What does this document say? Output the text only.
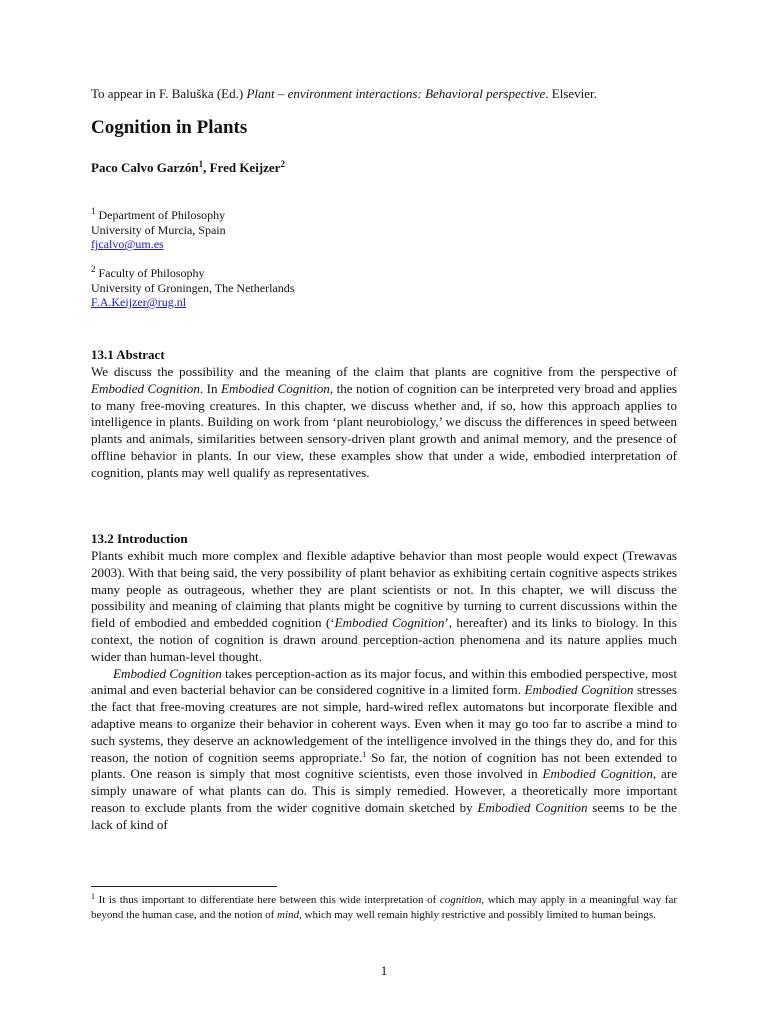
To appear in F. Baluška (Ed.) Plant – environment interactions: Behavioral perspective. Elsevier.
Cognition in Plants
Paco Calvo Garzón$^1$, Fred Keijzer$^2$
$^1$ Department of Philosophy
University of Murcia, Spain
fjcalvo@um.es
$^2$ Faculty of Philosophy
University of Groningen, The Netherlands
F.A.Keijzer@rug.nl
13.1 Abstract

We discuss the possibility and the meaning of the claim that plants are cognitive from the perspective of Embodied Cognition. In Embodied Cognition, the notion of cognition can be interpreted very broad and applies to many free-moving creatures. In this chapter, we discuss whether and, if so, how this approach applies to intelligence in plants. Building on work from ‘plant neurobiology,’ we discuss the differences in speed between plants and animals, similarities between sensory-driven plant growth and animal memory, and the presence of offline behavior in plants. In our view, these examples show that under a wide, embodied interpretation of cognition, plants may well qualify as representatives.

13.2 Introduction

Plants exhibit much more complex and flexible adaptive behavior than most people would expect (Trewavas 2003). With that being said, the very possibility of plant behavior as exhibiting certain cognitive aspects strikes many people as outrageous, whether they are plant scientists or not. In this chapter, we will discuss the possibility and meaning of claiming that plants might be cognitive by turning to current discussions within the field of embodied and embedded cognition (‘Embodied Cognition’, hereafter) and its links to biology. In this context, the notion of cognition is drawn around perception-action phenomena and its nature applies much wider than human-level thought.

Embodied Cognition takes perception-action as its major focus, and within this embodied perspective, most animal and even bacterial behavior can be considered cognitive in a limited form. Embodied Cognition stresses the fact that free-moving creatures are not simple, hard-wired reflex automatons but incorporate flexible and adaptive means to organize their behavior in coherent ways. Even when it may go too far to ascribe a mind to such systems, they deserve an acknowledgement of the intelligence involved in the things they do, and for this reason, the notion of cognition seems appropriate.$^1$ So far, the notion of cognition has not been extended to plants. One reason is simply that most cognitive scientists, even those involved in Embodied Cognition, are simply unaware of what plants can do. This is simply remedied. However, a theoretically more important reason to exclude plants from the wider cognitive domain sketched by Embodied Cognition seems to be the lack of kind of

$^1$ It is thus important to differentiate here between this wide interpretation of cognition, which may apply in a meaningful way far beyond the human case, and the notion of mind, which may well remain highly restrictive and possibly limited to human beings.

1
